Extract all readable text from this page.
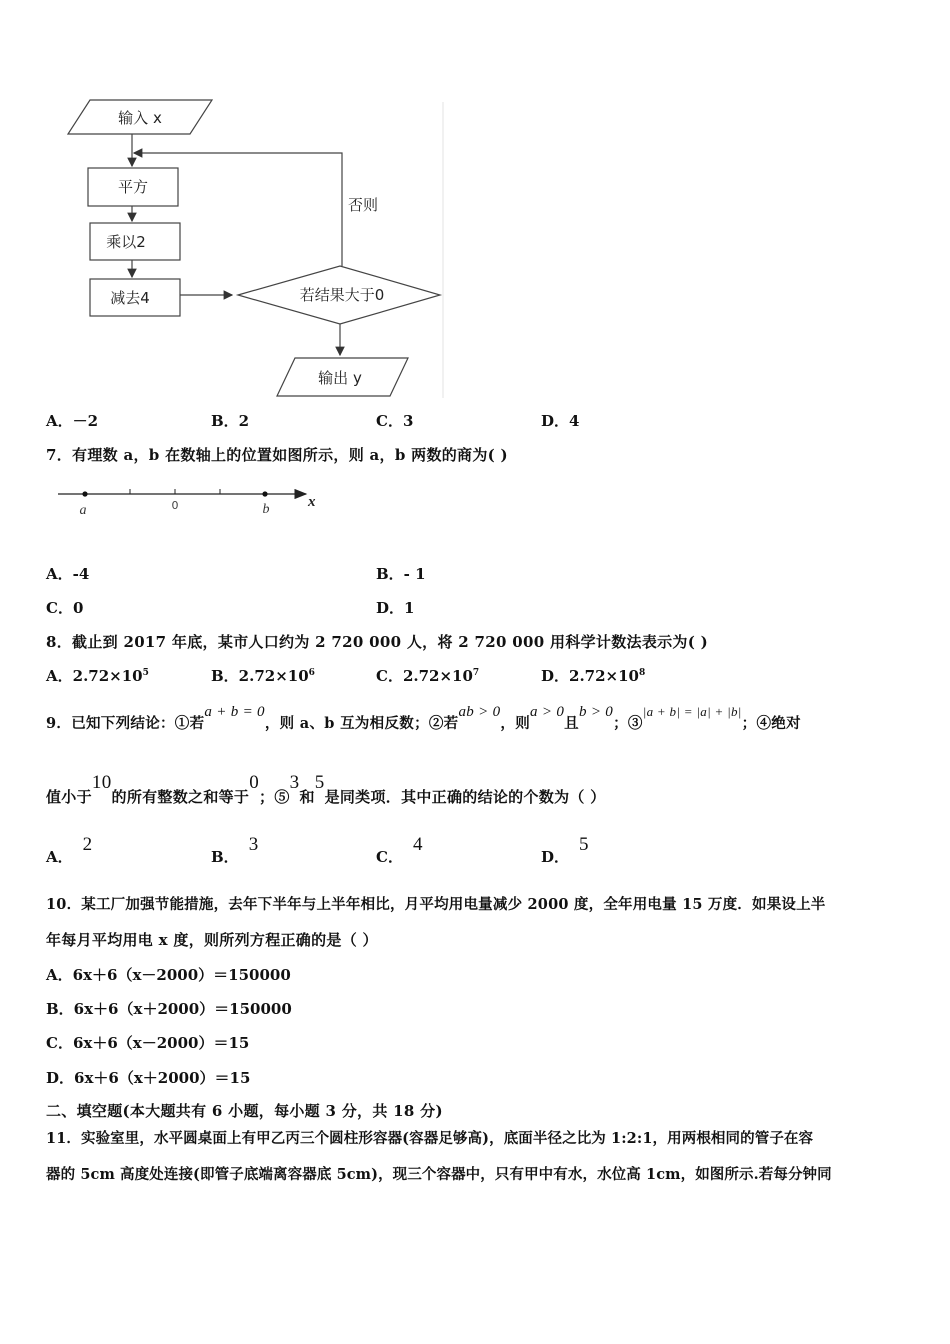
输入 x
平方
乘以2
减去4	若结果大于0
否则
输出 y
A．－2	B．2	C．3	D．4
7．有理数 a，b 在数轴上的位置如图所示，则 a，b 两数的商为( )
a	0	b	x
A．-4	B．- 1
C．0	D．1
8．截止到 2017 年底，某市人口约为 2 720 000 人，将 2 720 000 用科学计数法表示为( )
A．$2.72\times 10^5$	B．$2.72\times 10^6$	C．$2.72\times 10^7$	D．$2.72\times 10^8$
9．已知下列结论：①若a + b = 0，则 a、b 互为相反数；②若ab > 0，则a > 0且b > 0；③|a + b| = |a| + |b|；④绝对
值小于10的所有整数之和等于0；⑤3和5是同类项．其中正确的结论的个数为（ ）
A．2
B．3
C．4
D．5
10．某工厂加强节能措施，去年下半年与上半年相比，月平均用电量减少 2000 度，全年用电量 15 万度．如果设上半
年每月平均用电 x 度，则所列方程正确的是（ ）
A．6x＋6（x－2000）＝150000
B．6x＋6（x＋2000）＝150000
C．6x＋6（x－2000）＝15
D．6x＋6（x＋2000）＝15
二、填空题(本大题共有 6 小题，每小题 3 分，共 18 分)
11．实验室里，水平圆桌面上有甲乙丙三个圆柱形容器(容器足够高)，底面半径之比为 1:2:1，用两根相同的管子在容
器的 5cm 高度处连接(即管子底端离容器底 5cm)，现三个容器中，只有甲中有水，水位高 1cm，如图所示.若每分钟同
